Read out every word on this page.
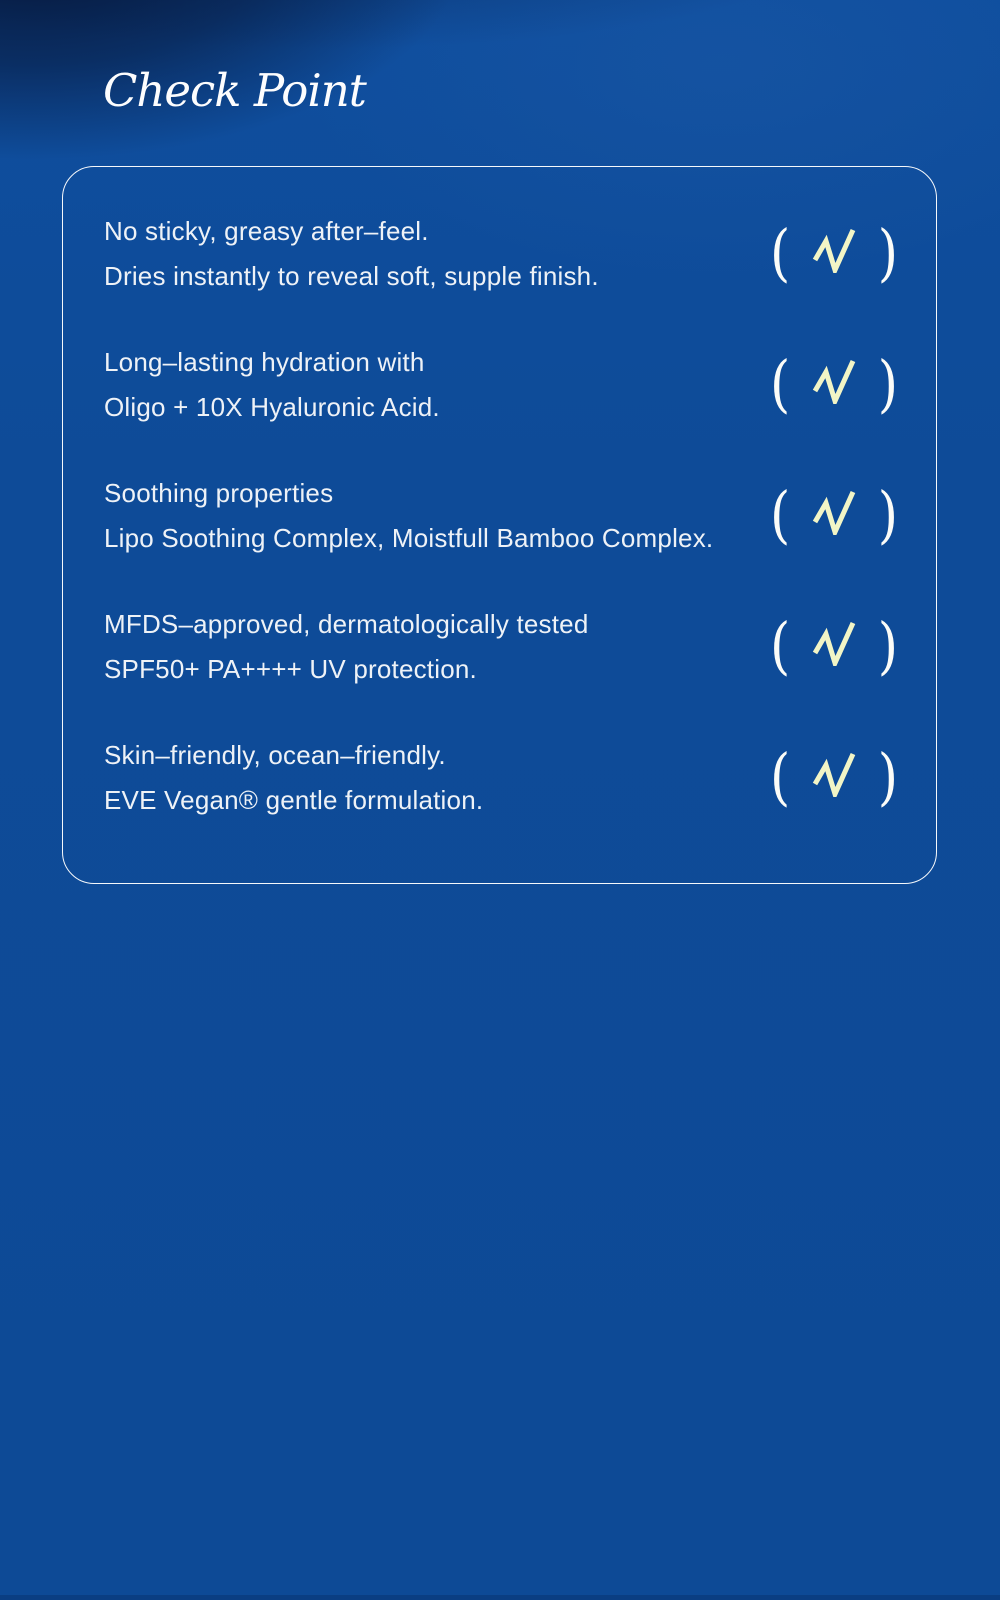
Check Point
No sticky, greasy after–feel.
Dries instantly to reveal soft, supple finish.	( )
Long–lasting hydration with
Oligo + 10X Hyaluronic Acid.	( )
Soothing properties
Lipo Soothing Complex, Moistfull Bamboo Complex.	( )
MFDS–approved, dermatologically tested
SPF50+ PA++++ UV protection.	( )
Skin–friendly, ocean–friendly.
EVE Vegan® gentle formulation.	( )
